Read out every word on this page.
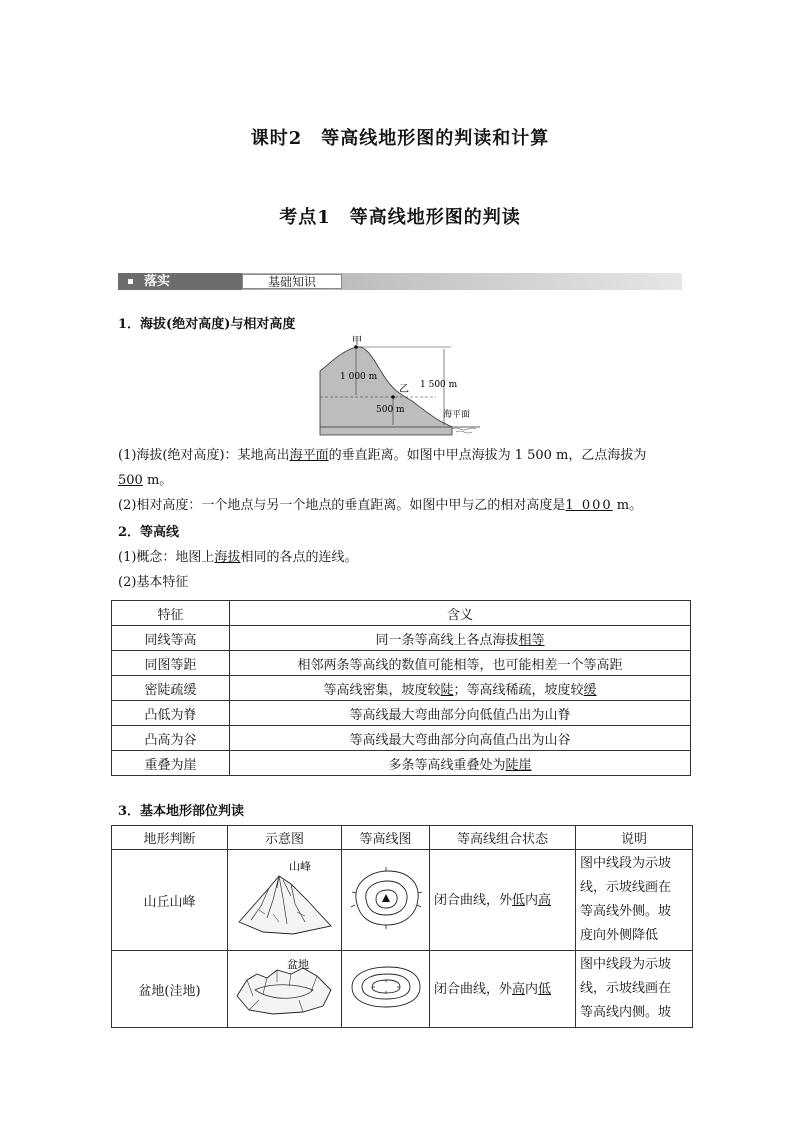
课时2　等高线地形图的判读和计算
考点1　等高线地形图的判读
落实	基础知识
1．海拔(绝对高度)与相对高度
甲
乙
1 000 m
500 m
1 500 m
海平面
(1)海拔(绝对高度)：某地高出海平面的垂直距离。如图中甲点海拔为 1 500 m，乙点海拔为
500 m。
(2)相对高度：一个地点与另一个地点的垂直距离。如图中甲与乙的相对高度是1 000 m。
2．等高线
(1)概念：地图上海拔相同的各点的连线。
(2)基本特征
特征	含义
同线等高	同一条等高线上各点海拔相等
同图等距	相邻两条等高线的数值可能相等，也可能相差一个等高距
密陡疏缓	等高线密集，坡度较陡；等高线稀疏，坡度较缓
凸低为脊	等高线最大弯曲部分向低值凸出为山脊
凸高为谷	等高线最大弯曲部分向高值凸出为山谷
重叠为崖	多条等高线重叠处为陡崖
3．基本地形部位判读
地形判断	示意图	等高线图	等高线组合状态	说明
山丘山峰	山峰		闭合曲线，外低内高	图中线段为示坡
线，示坡线画在
等高线外侧。坡
度向外侧降低

盆地(洼地)	盆地		闭合曲线，外高内低	图中线段为示坡
线，示坡线画在
等高线内侧。坡
